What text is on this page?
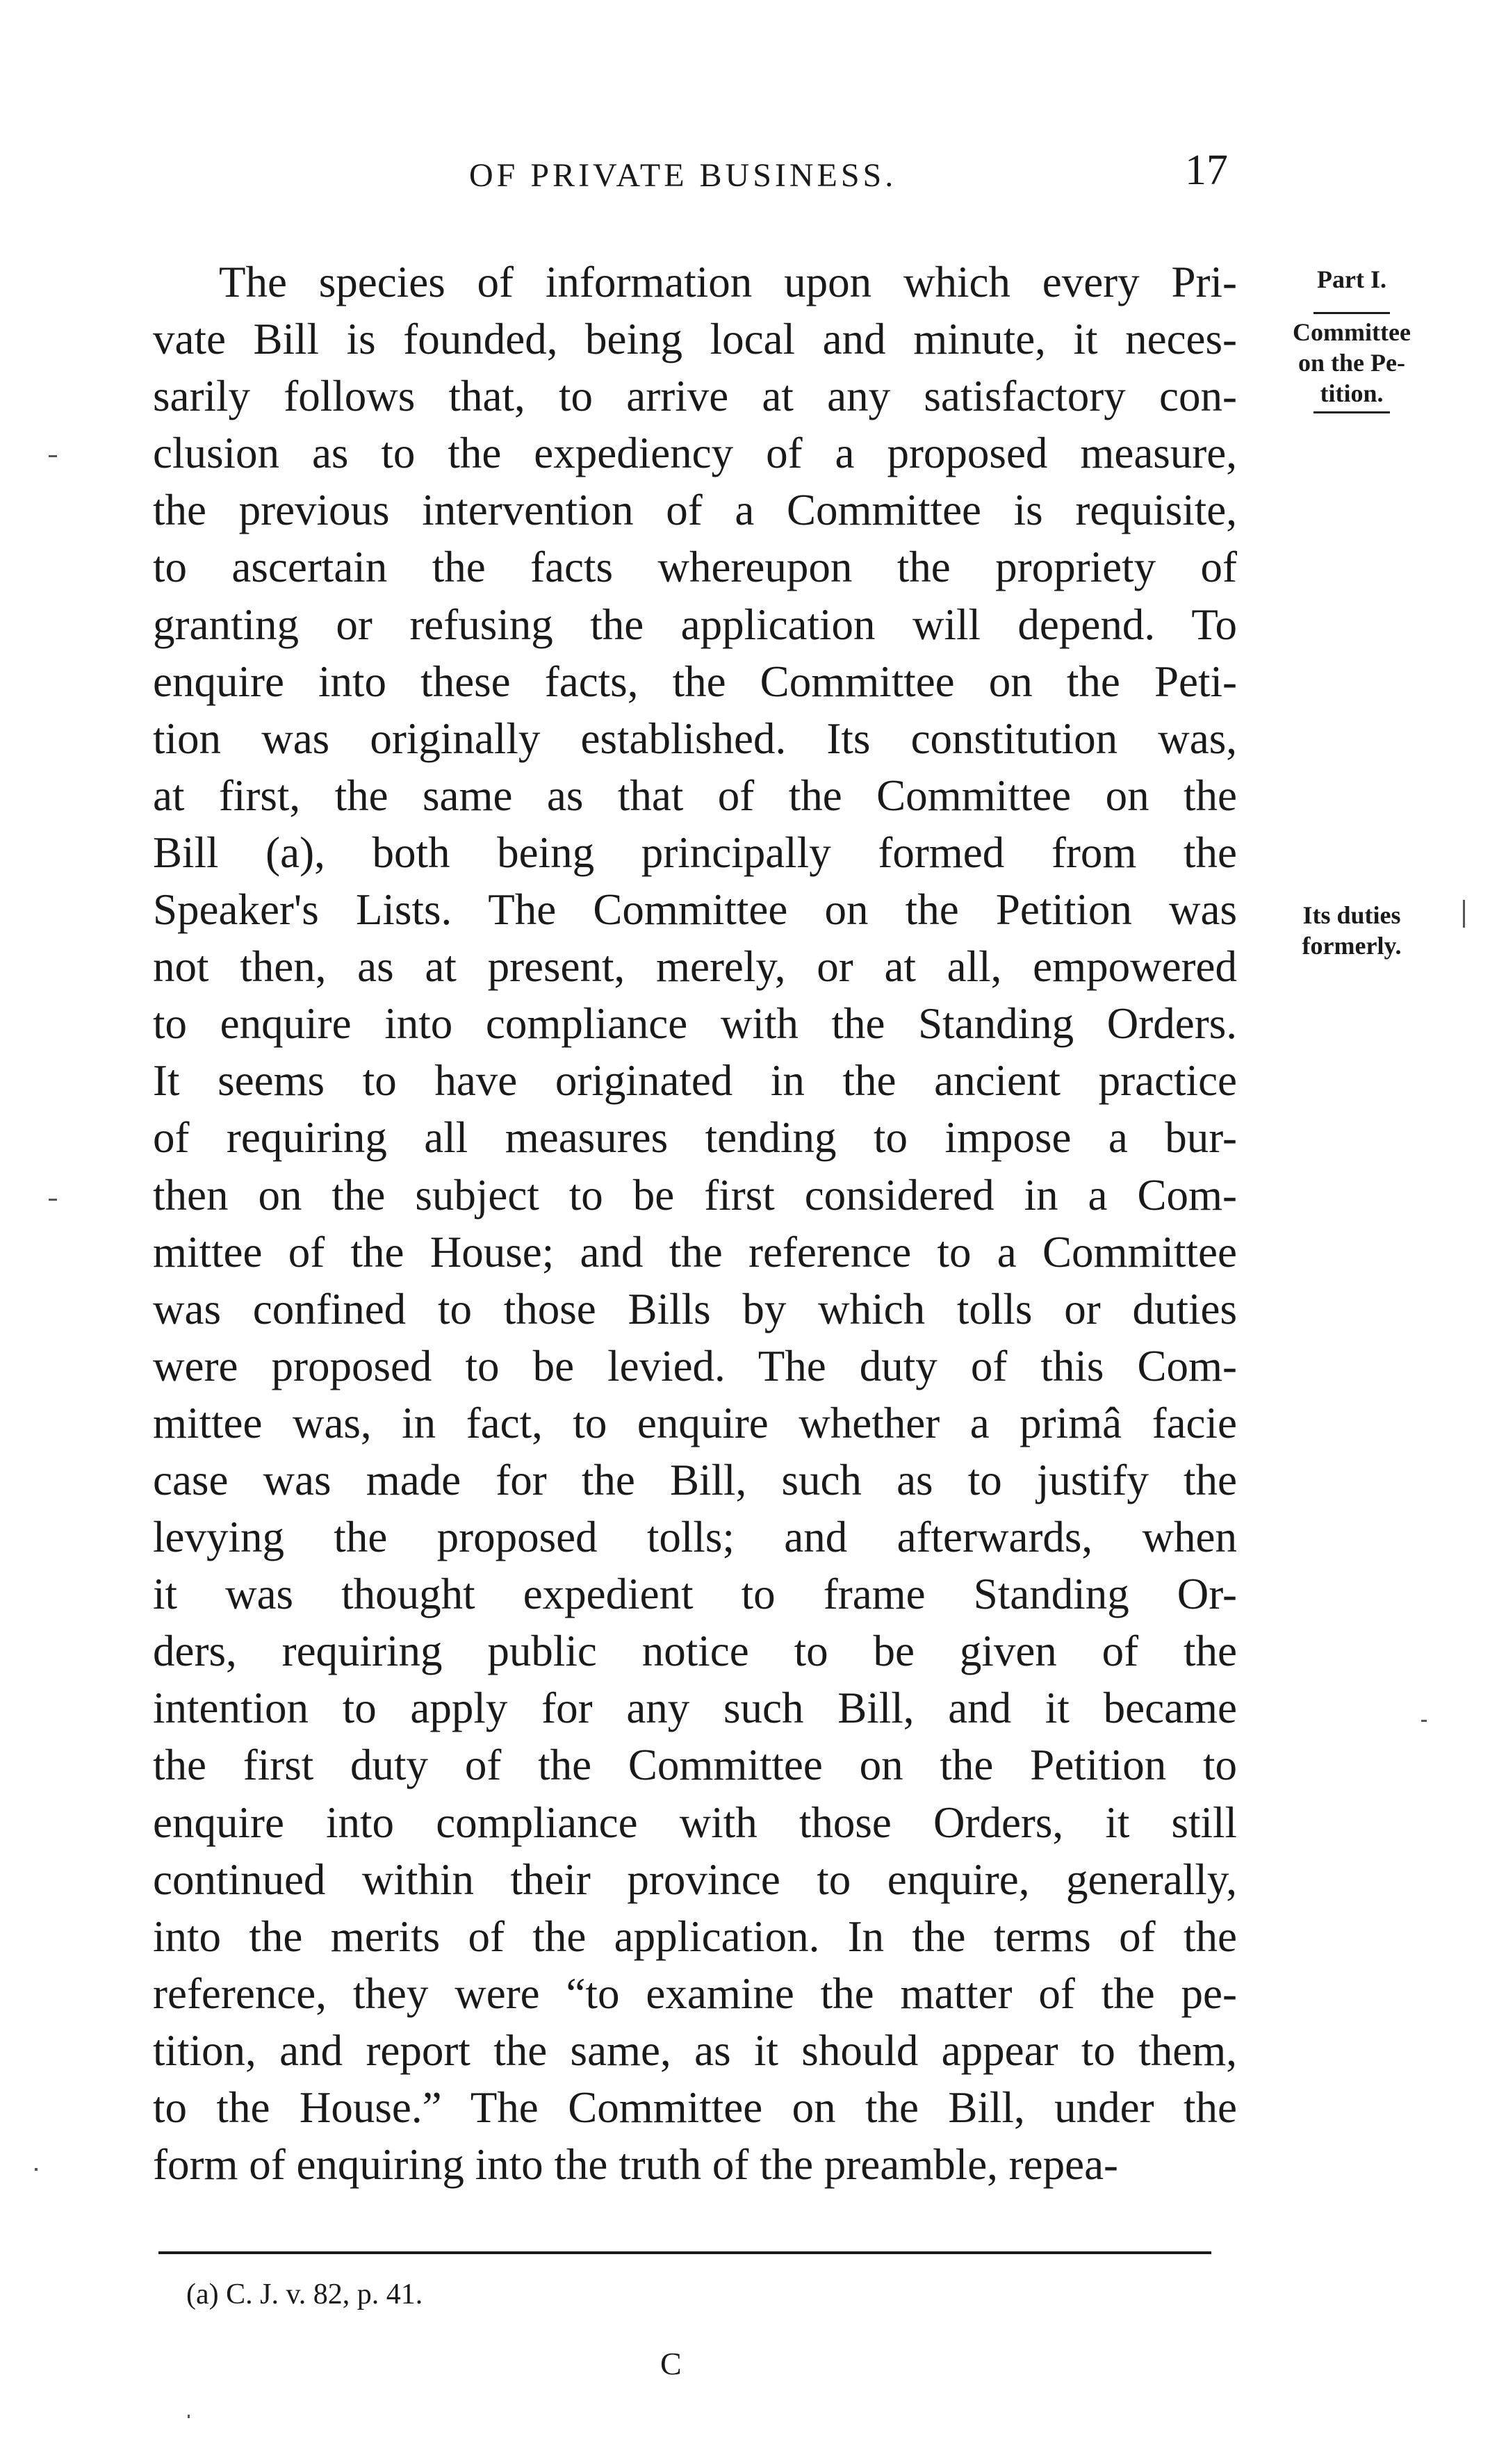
OF PRIVATE BUSINESS.	17
The species of information upon which every Pri-
vate Bill is founded, being local and minute, it neces-
sarily follows that, to arrive at any satisfactory con-
clusion as to the expediency of a proposed measure,
the previous intervention of a Committee is requisite,
to ascertain the facts whereupon the propriety of
granting or refusing the application will depend. To
enquire into these facts, the Committee on the Peti-
tion was originally established. Its constitution was,
at first, the same as that of the Committee on the
Bill (a), both being principally formed from the
Speaker's Lists. The Committee on the Petition was
not then, as at present, merely, or at all, empowered
to enquire into compliance with the Standing Orders.
It seems to have originated in the ancient practice
of requiring all measures tending to impose a bur-
then on the subject to be first considered in a Com-
mittee of the House; and the reference to a Committee
was confined to those Bills by which tolls or duties
were proposed to be levied. The duty of this Com-
mittee was, in fact, to enquire whether a primâ facie
case was made for the Bill, such as to justify the
levying the proposed tolls; and afterwards, when
it was thought expedient to frame Standing Or-
ders, requiring public notice to be given of the
intention to apply for any such Bill, and it became
the first duty of the Committee on the Petition to
enquire into compliance with those Orders, it still
continued within their province to enquire, generally,
into the merits of the application. In the terms of the
reference, they were “to examine the matter of the pe-
tition, and report the same, as it should appear to them,
to the House.” The Committee on the Bill, under the
form of enquiring into the truth of the preamble, repea-
Part I.
Committee
on the Pe-
tition.
Its duties
formerly.
(a) C. J. v. 82, p. 41.
C
